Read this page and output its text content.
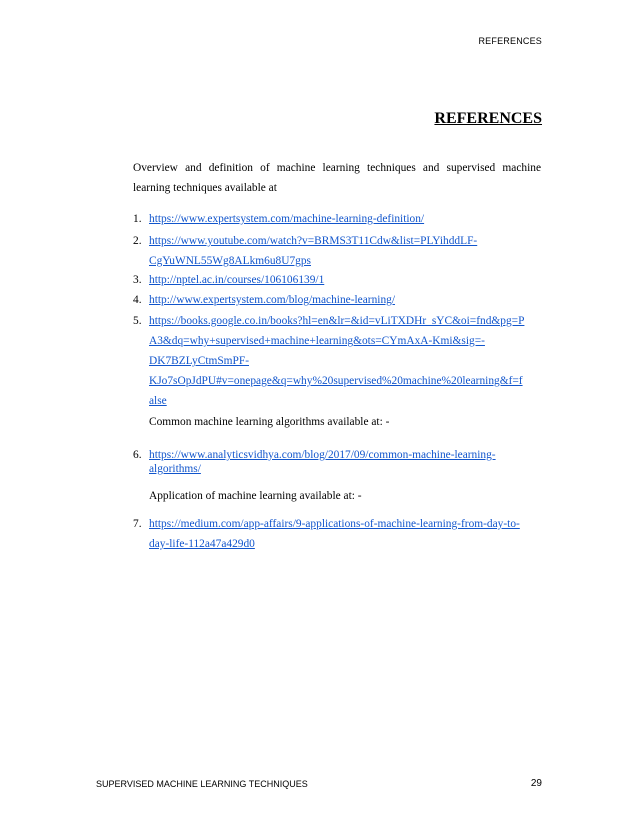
REFERENCES
REFERENCES
Overview and definition of machine learning techniques and supervised machine learning techniques available at
1. https://www.expertsystem.com/machine-learning-definition/
2. https://www.youtube.com/watch?v=BRMS3T11Cdw&list=PLYihddLF-
CgYuWNL55Wg8ALkm6u8U7gps
3. http://nptel.ac.in/courses/106106139/1
4. http://www.expertsystem.com/blog/machine-learning/
5. https://books.google.co.in/books?hl=en&lr=&id=vLiTXDHr_sYC&oi=fnd&pg=P
A3&dq=why+supervised+machine+learning&ots=CYmAxA-Kmi&sig=-
DK7BZLyCtmSmPF-
KJo7sOpJdPU#v=onepage&q=why%20supervised%20machine%20learning&f=f
alse
Common machine learning algorithms available at: -
6. https://www.analyticsvidhya.com/blog/2017/09/common-machine-learning-
algorithms/
Application of machine learning available at: -
7. https://medium.com/app-affairs/9-applications-of-machine-learning-from-day-to-
day-life-112a47a429d0
SUPERVISED MACHINE LEARNING TECHNIQUES	29
